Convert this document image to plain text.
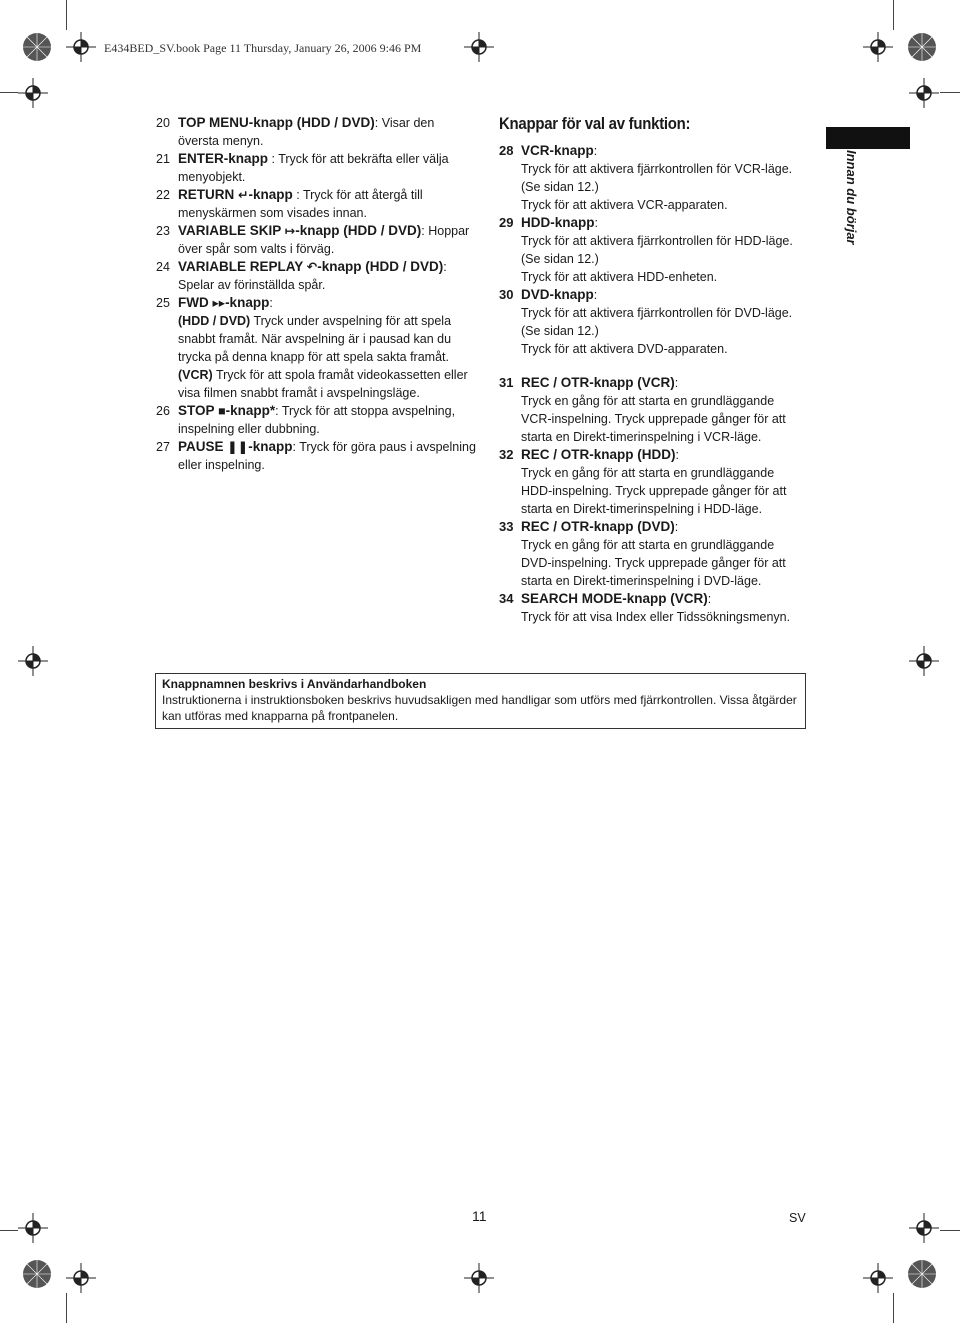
E434BED_SV.book Page 11 Thursday, January 26, 2006 9:46 PM
20 TOP MENU-knapp (HDD / DVD): Visar den översta menyn.
21 ENTER-knapp : Tryck för att bekräfta eller välja menyobjekt.
22 RETURN ↵-knapp : Tryck för att återgå till menyskärmen som visades innan.
23 VARIABLE SKIP ↦-knapp (HDD / DVD): Hoppar över spår som valts i förväg.
24 VARIABLE REPLAY ↶-knapp (HDD / DVD): Spelar av förinställda spår.
25 FWD ▸▸-knapp:
(HDD / DVD) Tryck under avspelning för att spela snabbt framåt. När avspelning är i pausad kan du trycka på denna knapp för att spela sakta framåt.
(VCR) Tryck för att spola framåt videokassetten eller visa filmen snabbt framåt i avspelningsläge.
26 STOP ■-knapp*: Tryck för att stoppa avspelning, inspelning eller dubbning.
27 PAUSE ❚❚-knapp: Tryck för göra paus i avspelning eller inspelning.
Knappar för val av funktion:
28 VCR-knapp:
Tryck för att aktivera fjärrkontrollen för VCR-läge.
(Se sidan 12.)
Tryck för att aktivera VCR-apparaten.
29 HDD-knapp:
Tryck för att aktivera fjärrkontrollen för HDD-läge.
(Se sidan 12.)
Tryck för att aktivera HDD-enheten.
30 DVD-knapp:
Tryck för att aktivera fjärrkontrollen för DVD-läge.
(Se sidan 12.)
Tryck för att aktivera DVD-apparaten.
31 REC / OTR-knapp (VCR):
Tryck en gång för att starta en grundläggande
VCR-inspelning. Tryck upprepade gånger för att
starta en Direkt-timerinspelning i VCR-läge.
32 REC / OTR-knapp (HDD):
Tryck en gång för att starta en grundläggande
HDD-inspelning. Tryck upprepade gånger för att
starta en Direkt-timerinspelning i HDD-läge.
33 REC / OTR-knapp (DVD):
Tryck en gång för att starta en grundläggande
DVD-inspelning. Tryck upprepade gånger för att
starta en Direkt-timerinspelning i DVD-läge.
34 SEARCH MODE-knapp (VCR):
Tryck för att visa Index eller Tidssökningsmenyn.
Innan du börjar
Knappnamnen beskrivs i Användarhandboken
Instruktionerna i instruktionsboken beskrivs huvudsakligen med handligar som utförs med fjärrkontrollen. Vissa åtgärder kan utföras med knapparna på frontpanelen.
11	SV
